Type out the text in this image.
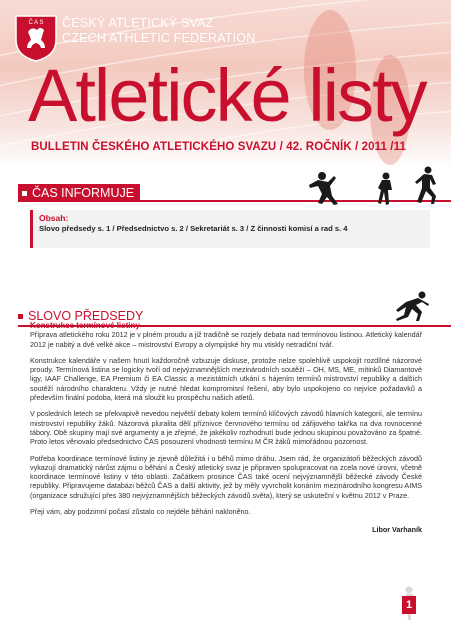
Č A S ČESKÝ ATLETICKÝ SVAZ
CZECH ATHLETIC FEDERATION
Atletické listy
BULLETIN ČESKÉHO ATLETICKÉHO SVAZU / 42. ROČNÍK / 2011 /11
ČAS INFORMUJE
Obsah:
Slovo předsedy s. 1 / Předsednictvo s. 2 / Sekretariát s. 3 / Z činnosti komisí a rad s. 4
SLOVO PŘEDSEDY
Konstrukce termínové listiny

Příprava atletického roku 2012 je v plném proudu a již tradičně se rozjely debata nad termínovou listinou. Atletický kalendář 2012 je nabitý a dvě velké akce – mistrovství Evropy a olympijské hry mu vtiskly netradiční tvář.

Konstrukce kalendáře v našem hnutí každoročně vzbuzuje diskuse, protože nelze spolehlivě uspokojit rozdílné názorové proudy. Termínová listina se logicky tvoří od nejvýznamnějších mezinárodních soutěží – OH, MS, ME, mítinků Diamantové ligy, IAAF Challenge, EA Premium či EA Classic a mezistátních utkání s hájením termínů mistrovství republiky a dalších soutěží národního charakteru. Vždy je nutné hledat kompromisní řešení, aby bylo uspokojeno co nejvíce požadavků a především finální podoba, která má sloužit ku prospěchu našich atletů.

V posledních letech se překvapivě nevedou největší debaty kolem termínů klíčových závodů hlavních kategorií, ale termínu mistrovství republiky žáků. Názorová pluralita dělí příznivce červnového termínu od zářijového takřka na dva rovnocenné tábory. Obě skupiny mají své argumenty a je zřejmé, že jakékoliv rozhodnutí bude jednou skupinou považováno za špatné. Proto letos věnovalo předsednictvo ČAS posouzení vhodnosti termínu M ČR žáků mimořádnou pozornost.

Potřeba koordinace termínové listiny je zjevně důležitá i u běhů mimo dráhu. Jsem rád, že organizátoři běžeckých závodů vykazují dramatický nárůst zájmu o běhání a Český atletický svaz je připraven spolupracovat na zcela nové úrovni, včetně koordinace termínové listiny v této oblasti. Začátkem prosince ČAS také ocení nejvýznamnější běžecké závody České republiky. Připravujeme databázi běžců ČAS a další aktivity, jež by měly vyvrcholit konáním mezinárodního kongresu AIMS (organizace sdružující přes 380 nejvýznamnějších běžeckých závodů světa), který se uskuteční v květnu 2012 v Praze.

Přeji vám, aby podzimní počasí zůstalo co nejdéle běhání nakloněno.

Libor Varhaník
1
